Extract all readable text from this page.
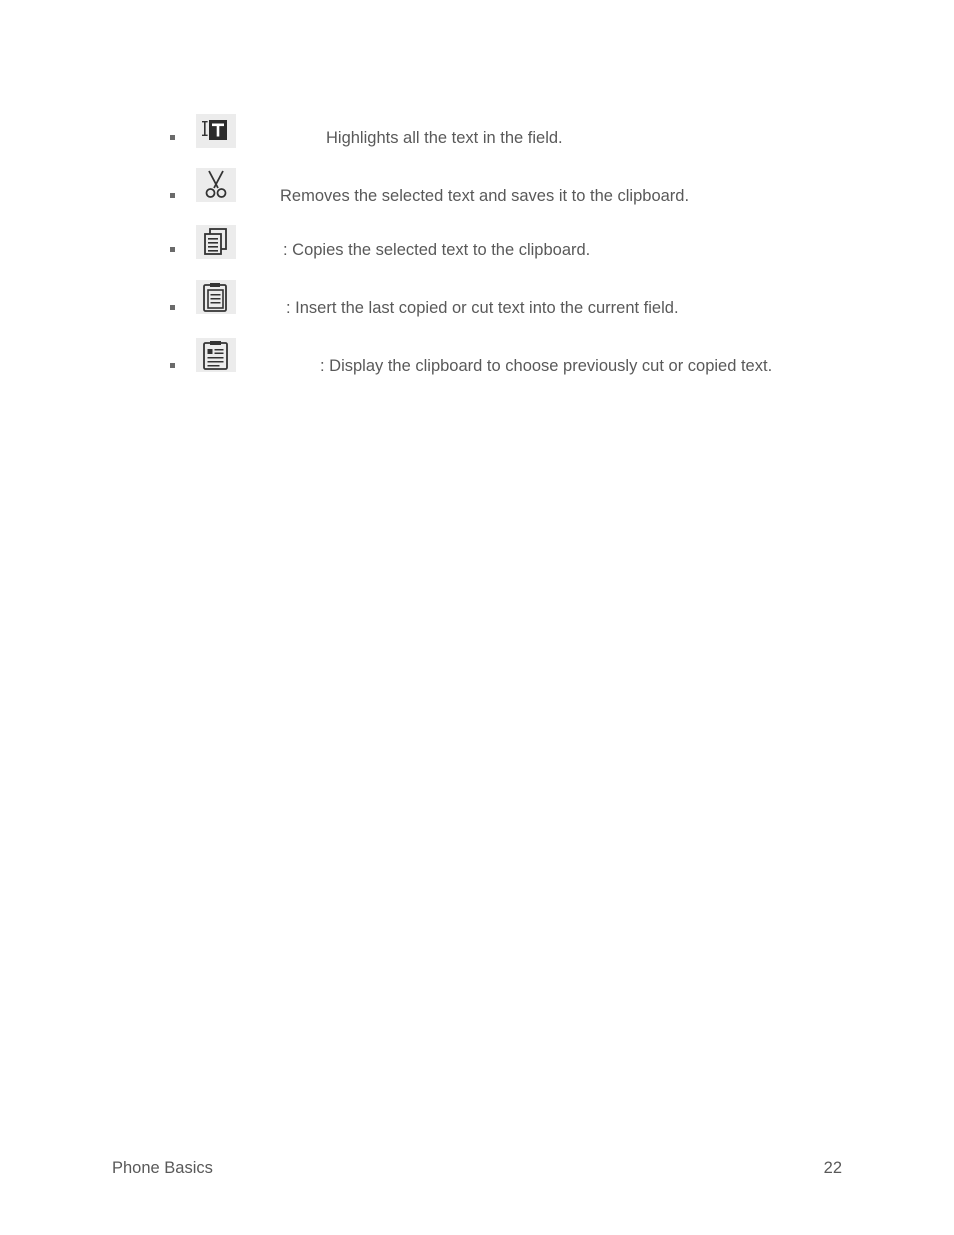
Highlights all the text in the field.
Removes the selected text and saves it to the clipboard.
: Copies the selected text to the clipboard.
: Insert the last copied or cut text into the current field.
: Display the clipboard to choose previously cut or copied text.
Phone Basics	22
